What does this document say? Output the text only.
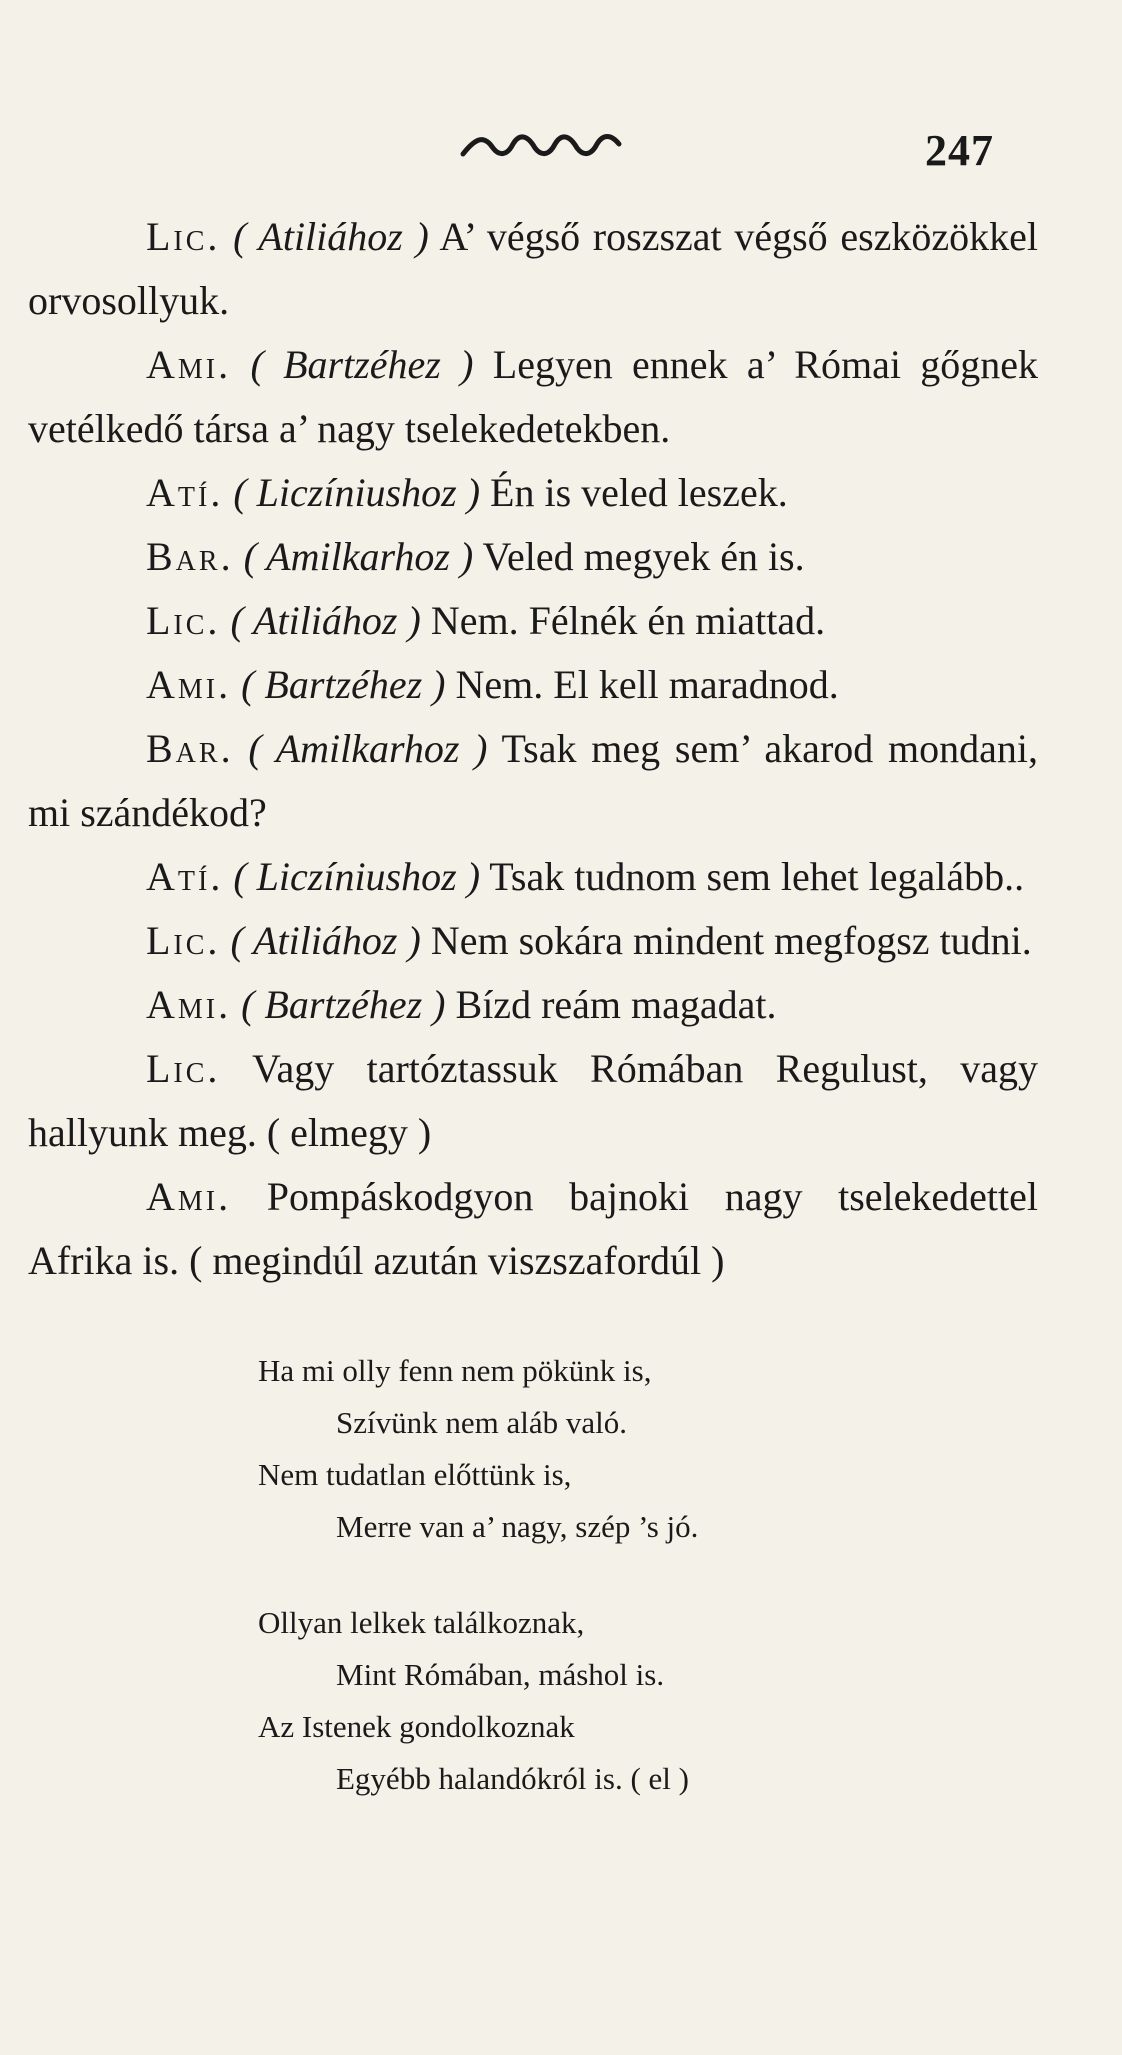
247

Lic. ( Atiliához ) A’ végső roszszat végső eszközökkel orvosollyuk.

Ami. ( Bartzéhez ) Legyen ennek a’ Római gőgnek vetélkedő társa a’ nagy tselekedetekben.

Atí. ( Liczíniushoz ) Én is veled leszek.

Bar. ( Amilkarhoz ) Veled megyek én is.

Lic. ( Atiliához ) Nem. Félnék én miattad.

Ami. ( Bartzéhez ) Nem. El kell maradnod.

Bar. ( Amilkarhoz ) Tsak meg sem’ akarod mondani, mi szándékod?

Atí. ( Liczíniushoz ) Tsak tudnom sem lehet legalább..

Lic. ( Atiliához ) Nem sokára mindent megfogsz tudni.

Ami. ( Bartzéhez ) Bízd reám magadat.

Lic. Vagy tartóztassuk Rómában Regulust, vagy hallyunk meg. ( elmegy )

Ami. Pompáskodgyon bajnoki nagy tselekedettel Afrika is. ( megindúl azután viszszafordúl )

Ha mi olly fenn nem pökünk is,
Szívünk nem aláb való.
Nem tudatlan előttünk is,
Merre van a’ nagy, szép ’s jó.
Ollyan lelkek találkoznak,
Mint Rómában, máshol is.
Az Istenek gondolkoznak
Egyébb halandókról is. ( el )
